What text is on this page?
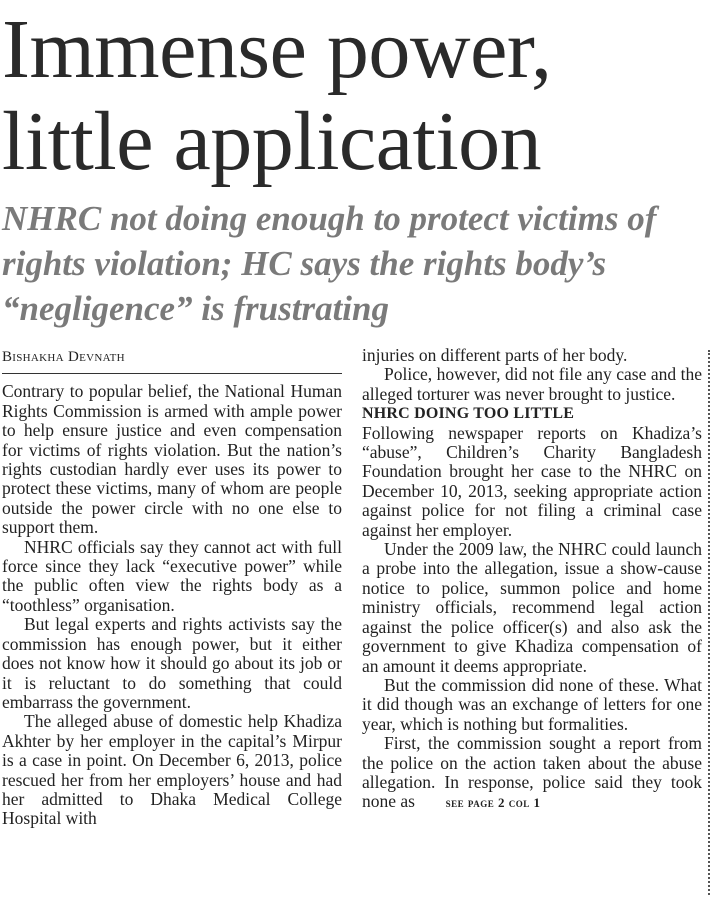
Immense power, little application
NHRC not doing enough to protect victims of rights violation; HC says the rights body’s “negligence” is frustrating
Bishakha Devnath

Contrary to popular belief, the National Human Rights Commission is armed with ample power to help ensure justice and even compensation for victims of rights violation. But the nation’s rights custodian hardly ever uses its power to protect these victims, many of whom are people outside the power circle with no one else to support them.

NHRC officials say they cannot act with full force since they lack “executive power” while the public often view the rights body as a “toothless” organisation.

But legal experts and rights activists say the commission has enough power, but it either does not know how it should go about its job or it is reluctant to do something that could embarrass the government.

The alleged abuse of domestic help Khadiza Akhter by her employer in the capital’s Mirpur is a case in point. On December 6, 2013, police rescued her from her employers’ house and had her admitted to Dhaka Medical College Hospital with

injuries on different parts of her body.

Police, however, did not file any case and the alleged torturer was never brought to justice.

NHRC DOING TOO LITTLE

Following newspaper reports on Khadiza’s “abuse”, Children’s Charity Bangladesh Foundation brought her case to the NHRC on December 10, 2013, seeking appropriate action against police for not filing a criminal case against her employer.

Under the 2009 law, the NHRC could launch a probe into the allegation, issue a show-cause notice to police, summon police and home ministry officials, recommend legal action against the police officer(s) and also ask the government to give Khadiza compensation of an amount it deems appropriate.

But the commission did none of these. What it did though was an exchange of letters for one year, which is nothing but formalities.

First, the commission sought a report from the police on the action taken about the abuse allegation. In response, police said they took none as see page 2 col 1
